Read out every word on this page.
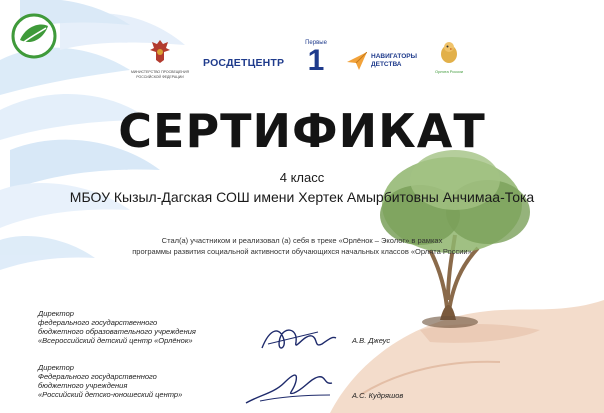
МИНИСТЕРСТВО ПРОСВЕЩЕНИЯ РОССИЙСКОЙ ФЕДЕРАЦИИ
РОСДЕТЦЕНТР
Первые
1	НАВИГАТОРЫ
ДЕТСТВА
Орлята России
СЕРТИФИКАТ
4 класс
МБОУ Кызыл-Дагская СОШ имени Хертек Амырбитовны Анчимаа-Тока
Стал(а) участником и реализовал (а) себя в треке «Орлёнок – Эколог» в рамках
программы развития социальной активности обучающихся начальных классов «Орлята России»
Директор
федерального государственного
бюджетного образовательного учреждения
«Всероссийский детский центр «Орлёнок»	А.В. Джеус
Директор
Федерального государственного
бюджетного учреждения
«Российский детско-юношеский центр»	А.С. Кудряшов
